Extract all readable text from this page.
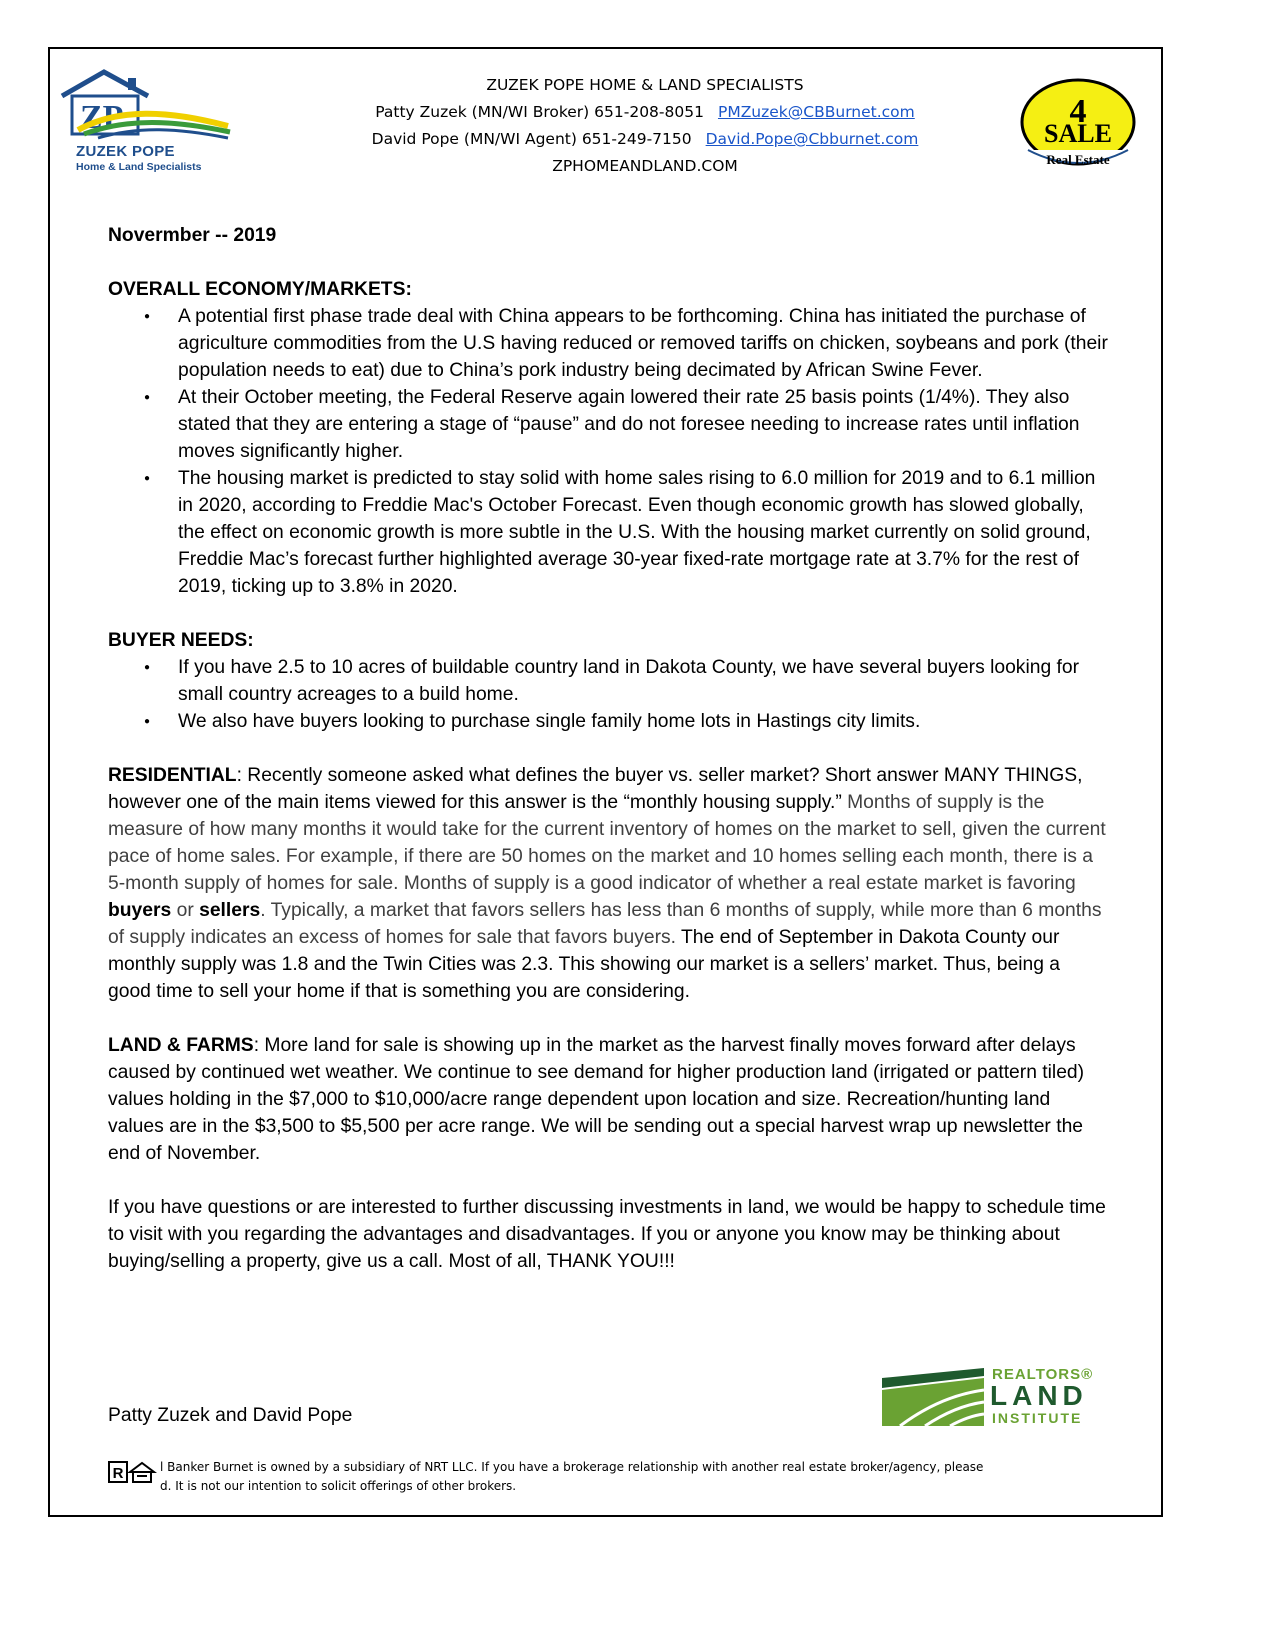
ZP
ZUZEK POPE
Home & Land Specialists
ZUZEK POPE HOME & LAND SPECIALISTS
Patty Zuzek (MN/WI Broker) 651-208-8051 PMZuzek@CBBurnet.com
David Pope (MN/WI Agent) 651-249-7150 David.Pope@Cbburnet.com
ZPHOMEANDLAND.COM
4
SALE
Real Estate

Novermber -- 2019

OVERALL ECONOMY/MARKETS:

● A potential first phase trade deal with China appears to be forthcoming. China has initiated the purchase of agriculture commodities from the U.S having reduced or removed tariffs on chicken, soybeans and pork (their population needs to eat) due to China’s pork industry being decimated by African Swine Fever.
● At their October meeting, the Federal Reserve again lowered their rate 25 basis points (1/4%). They also stated that they are entering a stage of “pause” and do not foresee needing to increase rates until inflation moves significantly higher.
● The housing market is predicted to stay solid with home sales rising to 6.0 million for 2019 and to 6.1 million in 2020, according to Freddie Mac's October Forecast. Even though economic growth has slowed globally, the effect on economic growth is more subtle in the U.S. With the housing market currently on solid ground, Freddie Mac’s forecast further highlighted average 30-year fixed-rate mortgage rate at 3.7% for the rest of 2019, ticking up to 3.8% in 2020.

BUYER NEEDS:

● If you have 2.5 to 10 acres of buildable country land in Dakota County, we have several buyers looking for small country acreages to a build home.
● We also have buyers looking to purchase single family home lots in Hastings city limits.

RESIDENTIAL: Recently someone asked what defines the buyer vs. seller market? Short answer MANY THINGS, however one of the main items viewed for this answer is the “monthly housing supply.” Months of supply is the measure of how many months it would take for the current inventory of homes on the market to sell, given the current pace of home sales. For example, if there are 50 homes on the market and 10 homes selling each month, there is a 5-month supply of homes for sale. Months of supply is a good indicator of whether a real estate market is favoring buyers or sellers. Typically, a market that favors sellers has less than 6 months of supply, while more than 6 months of supply indicates an excess of homes for sale that favors buyers. The end of September in Dakota County our monthly supply was 1.8 and the Twin Cities was 2.3. This showing our market is a sellers’ market. Thus, being a good time to sell your home if that is something you are considering.

LAND & FARMS: More land for sale is showing up in the market as the harvest finally moves forward after delays caused by continued wet weather. We continue to see demand for higher production land (irrigated or pattern tiled) values holding in the $7,000 to $10,000/acre range dependent upon location and size. Recreation/hunting land values are in the $3,500 to $5,500 per acre range. We will be sending out a special harvest wrap up newsletter the end of November.

If you have questions or are interested to further discussing investments in land, we would be happy to schedule time to visit with you regarding the advantages and disadvantages. If you or anyone you know may be thinking about buying/selling a property, give us a call. Most of all, THANK YOU!!!

Patty Zuzek and David Pope
REALTORS®
LAND
INSTITUTE
R	l Banker Burnet is owned by a subsidiary of NRT LLC. If you have a brokerage relationship with another real estate broker/agency, please
d. It is not our intention to solicit offerings of other brokers.
